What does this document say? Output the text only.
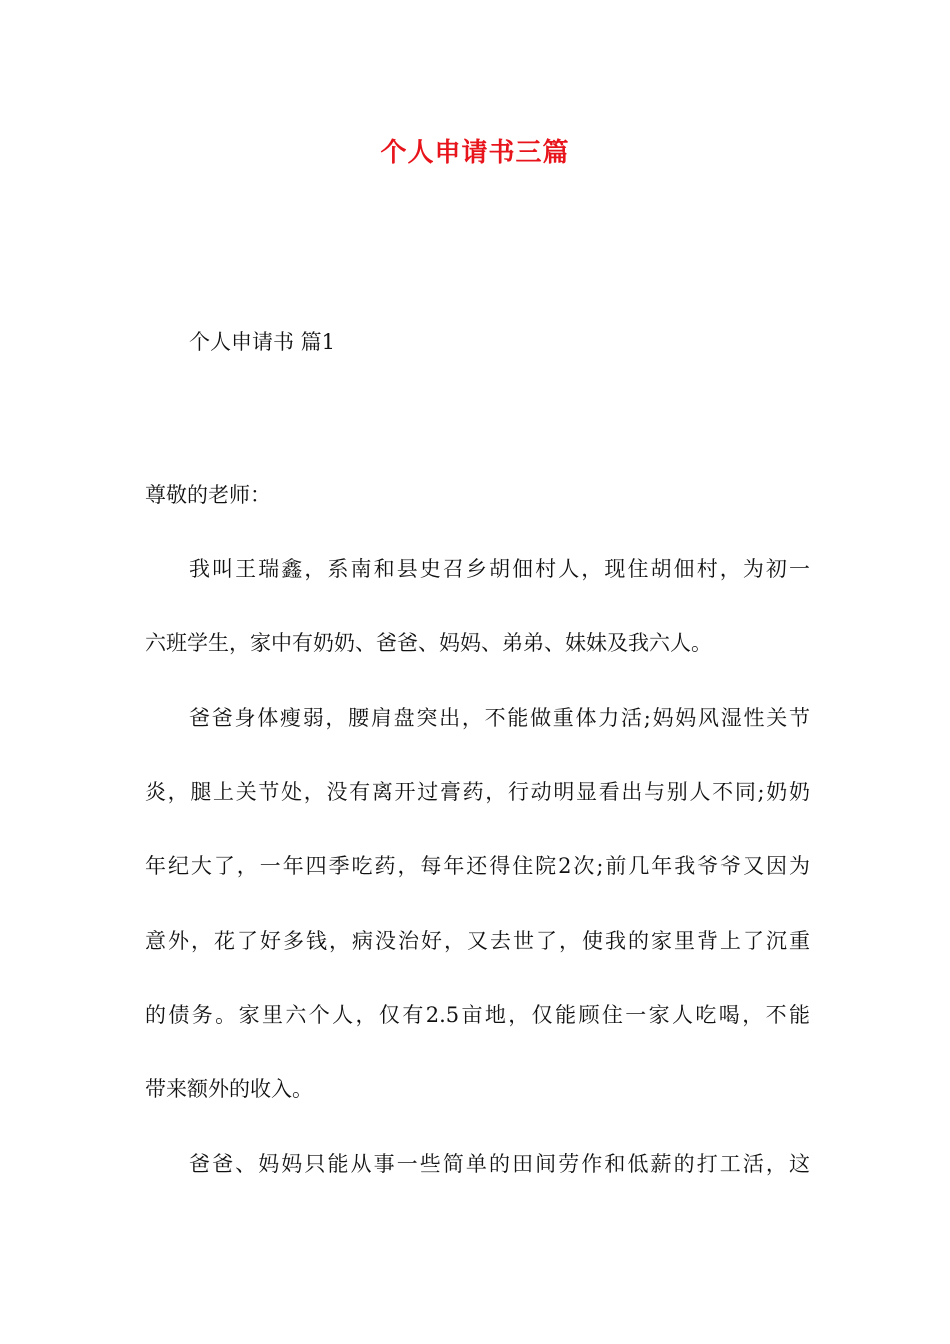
个人申请书三篇
个人申请书 篇1
尊敬的老师：
我叫王瑞鑫，系南和县史召乡胡佃村人，现住胡佃村，为初一
六班学生，家中有奶奶、爸爸、妈妈、弟弟、妹妹及我六人。
爸爸身体瘦弱，腰肩盘突出，不能做重体力活;妈妈风湿性关节
炎，腿上关节处，没有离开过膏药，行动明显看出与别人不同;奶奶
年纪大了，一年四季吃药，每年还得住院2次;前几年我爷爷又因为
意外，花了好多钱，病没治好，又去世了，使我的家里背上了沉重
的债务。家里六个人，仅有2.5亩地，仅能顾住一家人吃喝，不能
带来额外的收入。
爸爸、妈妈只能从事一些简单的田间劳作和低薪的打工活，这
